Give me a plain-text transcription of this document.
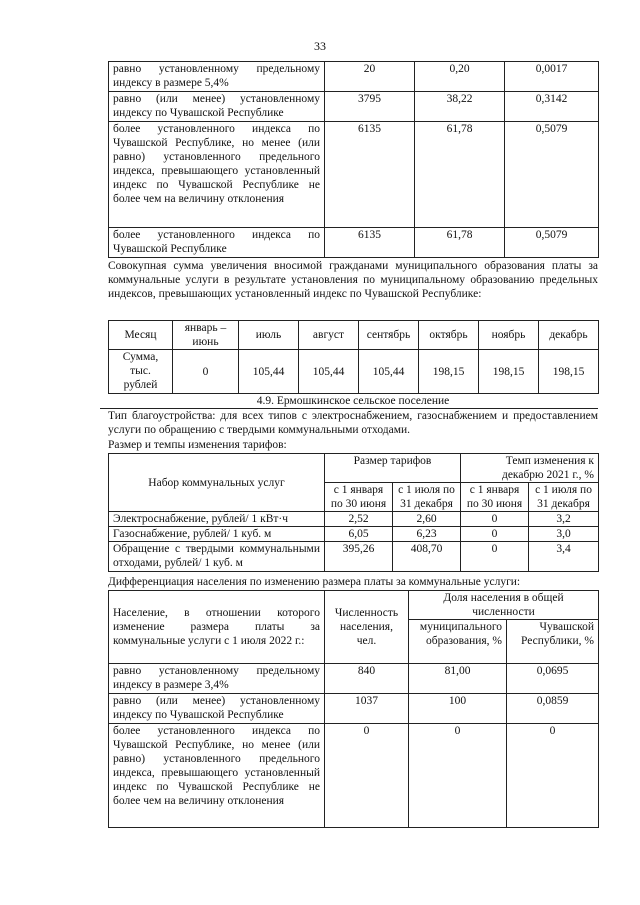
33
равно установленному предельному индексу в размере 5,4%	20	0,20	0,0017
равно (или менее) установленному индексу по Чувашской Республике	3795	38,22	0,3142
более установленного индекса по Чувашской Республике, но менее (или равно) установленного предельного индекса, превышающего установленный индекс по Чувашской Республике не более чем на величину отклонения	6135	61,78	0,5079
более установленного индекса по Чувашской Республике	6135	61,78	0,5079
Совокупная сумма увеличения вносимой гражданами муниципального образования платы за коммунальные услуги в результате установления по муниципальному образованию предельных индексов, превышающих установленный индекс по Чувашской Республике:
Месяц	январь – июнь	июль	август	сентябрь	октябрь	ноябрь	декабрь
Сумма, тыс. рублей	0	105,44	105,44	105,44	198,15	198,15	198,15
4.9. Ермошкинское сельское поселение
Тип благоустройства: для всех типов с электроснабжением, газоснабжением и предоставлением услуги по обращению с твердыми коммунальными отходами.
Размер и темпы изменения тарифов:
Набор коммунальных услуг	Размер тарифов		Темп изменения к декабрю 2021 г., %	
	с 1 января по 30 июня	с 1 июля по 31 декабря	с 1 января по 30 июня	с 1 июля по 31 декабря
Электроснабжение, рублей/ 1 кВт·ч	2,52	2,60	0	3,2
Газоснабжение, рублей/ 1 куб. м	6,05	6,23	0	3,0
Обращение с твердыми коммунальными отходами, рублей/ 1 куб. м	395,26	408,70	0	3,4
Дифференциация населения по изменению размера платы за коммунальные услуги:
Население, в отношении которого изменение размера платы за коммунальные услуги с 1 июля 2022 г.:	Численность населения, чел.	Доля населения в общей численности	
		муниципального образования, %	Чувашской Республики, %
равно установленному предельному индексу в размере 3,4%	840	81,00	0,0695
равно (или менее) установленному индексу по Чувашской Республике	1037	100	0,0859
более установленного индекса по Чувашской Республике, но менее (или равно) установленного предельного индекса, превышающего установленный индекс по Чувашской Республике не более чем на величину отклонения	0	0	0
